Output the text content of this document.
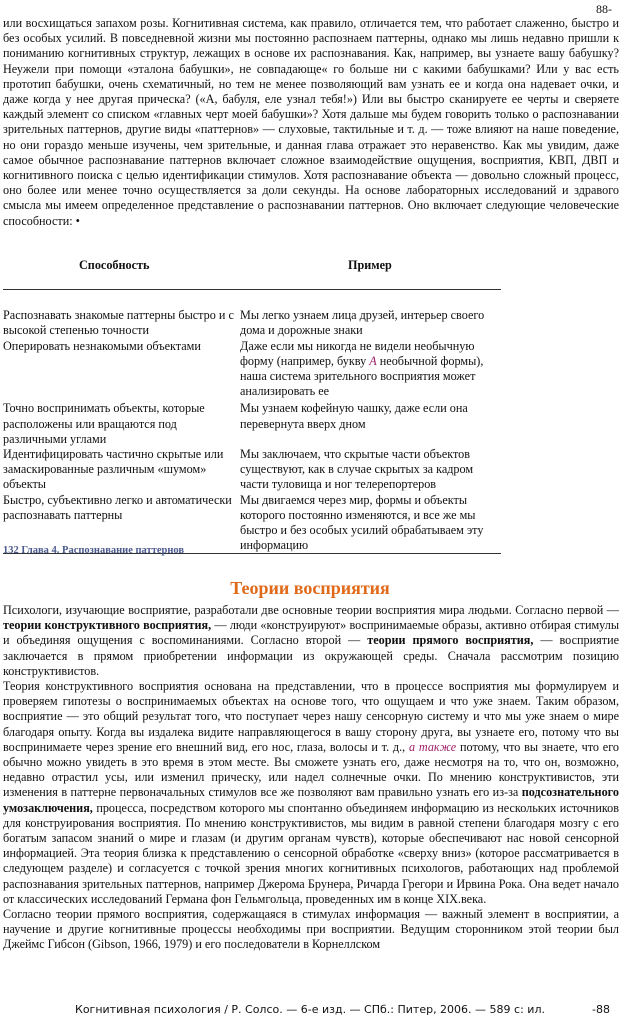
88-

или восхищаться запахом розы. Когнитивная система, как правило, отличается тем, что работает слаженно, быстро и без особых усилий. В повседневной жизни мы постоянно распознаем паттерны, однако мы лишь недавно пришли к пониманию когнитивных структур, лежащих в основе их распознавания. Как, например, вы узнаете вашу бабушку? Неужели при помощи «эталона бабушки», не совпадающе« го больше ни с какими бабушками? Или у вас есть прототип бабушки, очень схематичный, но тем не менее позволяющий вам узнать ее и когда она надевает очки, и даже когда у нее другая прическа? («А, бабуля, еле узнал тебя!») Или вы быстро сканируете ее черты и сверяете каждый элемент со списком «главных черт моей бабушки»? Хотя дальше мы будем говорить только о распознавании зрительных паттернов, другие виды «паттернов» — слуховые, тактильные и т. д. — тоже влияют на наше поведение, но они гораздо меньше изучены, чем зрительные, и данная глава отражает это неравенство. Как мы увидим, даже самое обычное распознавание паттернов включает сложное взаимодействие ощущения, восприятия, КВП, ДВП и когнитивного поиска с целью идентификации стимулов. Хотя распознавание объекта — довольно сложный процесс, оно более или менее точно осуществляется за доли секунды. На основе лабораторных исследований и здравого смысла мы имеем определенное представление о распознавании паттернов. Оно включает следующие человеческие способности: •

Способность	Пример
Распознавать знакомые паттерны быстро и с высокой степенью точности	Мы легко узнаем лица друзей, интерьер своего дома и дорожные знаки
Оперировать незнакомыми объектами	Даже если мы никогда не видели необычную форму (например, букву А необычной формы), наша система зрительного восприятия может анализировать ее

Точно воспринимать объекты, которые расположены или вращаются под различными углами	Мы узнаем кофейную чашку, даже если она перевернута вверх дном
Идентифицировать частично скрытые или замаскированные различным «шумом» объекты	Мы заключаем, что скрытые части объектов существуют, как в случае скрытых за кадром части туловища и ног телерепортеров
Быстро, субъективно легко и автоматически распознавать паттерны	Мы двигаемся через мир, формы и объекты которого постоянно изменяются, и все же мы быстро и без особых усилий обрабатываем эту информацию
132 Глава 4. Распознавание паттернов
Теории восприятия

Психологи, изучающие восприятие, разработали две основные теории восприятия мира людьми. Согласно первой — теории конструктивного восприятия, — люди «конструируют» воспринимаемые образы, активно отбирая стимулы и объединяя ощущения с воспоминаниями. Согласно второй — теории прямого восприятия, — восприятие заключается в прямом приобретении информации из окружающей среды. Сначала рассмотрим позицию конструктивистов.

Теория конструктивного восприятия основана на представлении, что в процессе восприятия мы формулируем и проверяем гипотезы о воспринимаемых объектах на основе того, что ощущаем и что уже знаем. Таким образом, восприятие — это общий результат того, что поступает через нашу сенсорную систему и что мы уже знаем о мире благодаря опыту. Когда вы издалека видите направляющегося в вашу сторону друга, вы узнаете его, потому что вы воспринимаете через зрение его внешний вид, его нос, глаза, волосы и т. д., а также потому, что вы знаете, что его обычно можно увидеть в это время в этом месте. Вы сможете узнать его, даже несмотря на то, что он, возможно, недавно отрастил усы, или изменил прическу, или надел солнечные очки. По мнению конструктивистов, эти изменения в паттерне первоначальных стимулов все же позволяют вам правильно узнать его из-за подсознательного умозаключения, процесса, посредством которого мы спонтанно объединяем информацию из нескольких источников для конструирования восприятия. По мнению конструктивистов, мы видим в равной степени благодаря мозгу с его богатым запасом знаний о мире и глазам (и другим органам чувств), которые обеспечивают нас новой сенсорной информацией. Эта теория близка к представлению о сенсорной обработке «сверху вниз» (которое рассматривается в следующем разделе) и согласуется с точкой зрения многих когнитивных психологов, работающих над проблемой распознавания зрительных паттернов, например Джерома Брунера, Ричарда Грегори и Ирвина Рока. Она ведет начало от классических исследований Германа фон Гельмгольца, проведенных им в конце XIX.века.

Согласно теории прямого восприятия, содержащаяся в стимулах информация — важный элемент в восприятии, а научение и другие когнитивные процессы необходимы при восприятии. Ведущим сторонником этой теории был Джеймс Гибсон (Gibson, 1966, 1979) и его последователи в Корнеллском

Когнитивная психология / Р. Солсо. — 6-е изд. — СПб.: Питер, 2006. — 589 с: ил.	-88
